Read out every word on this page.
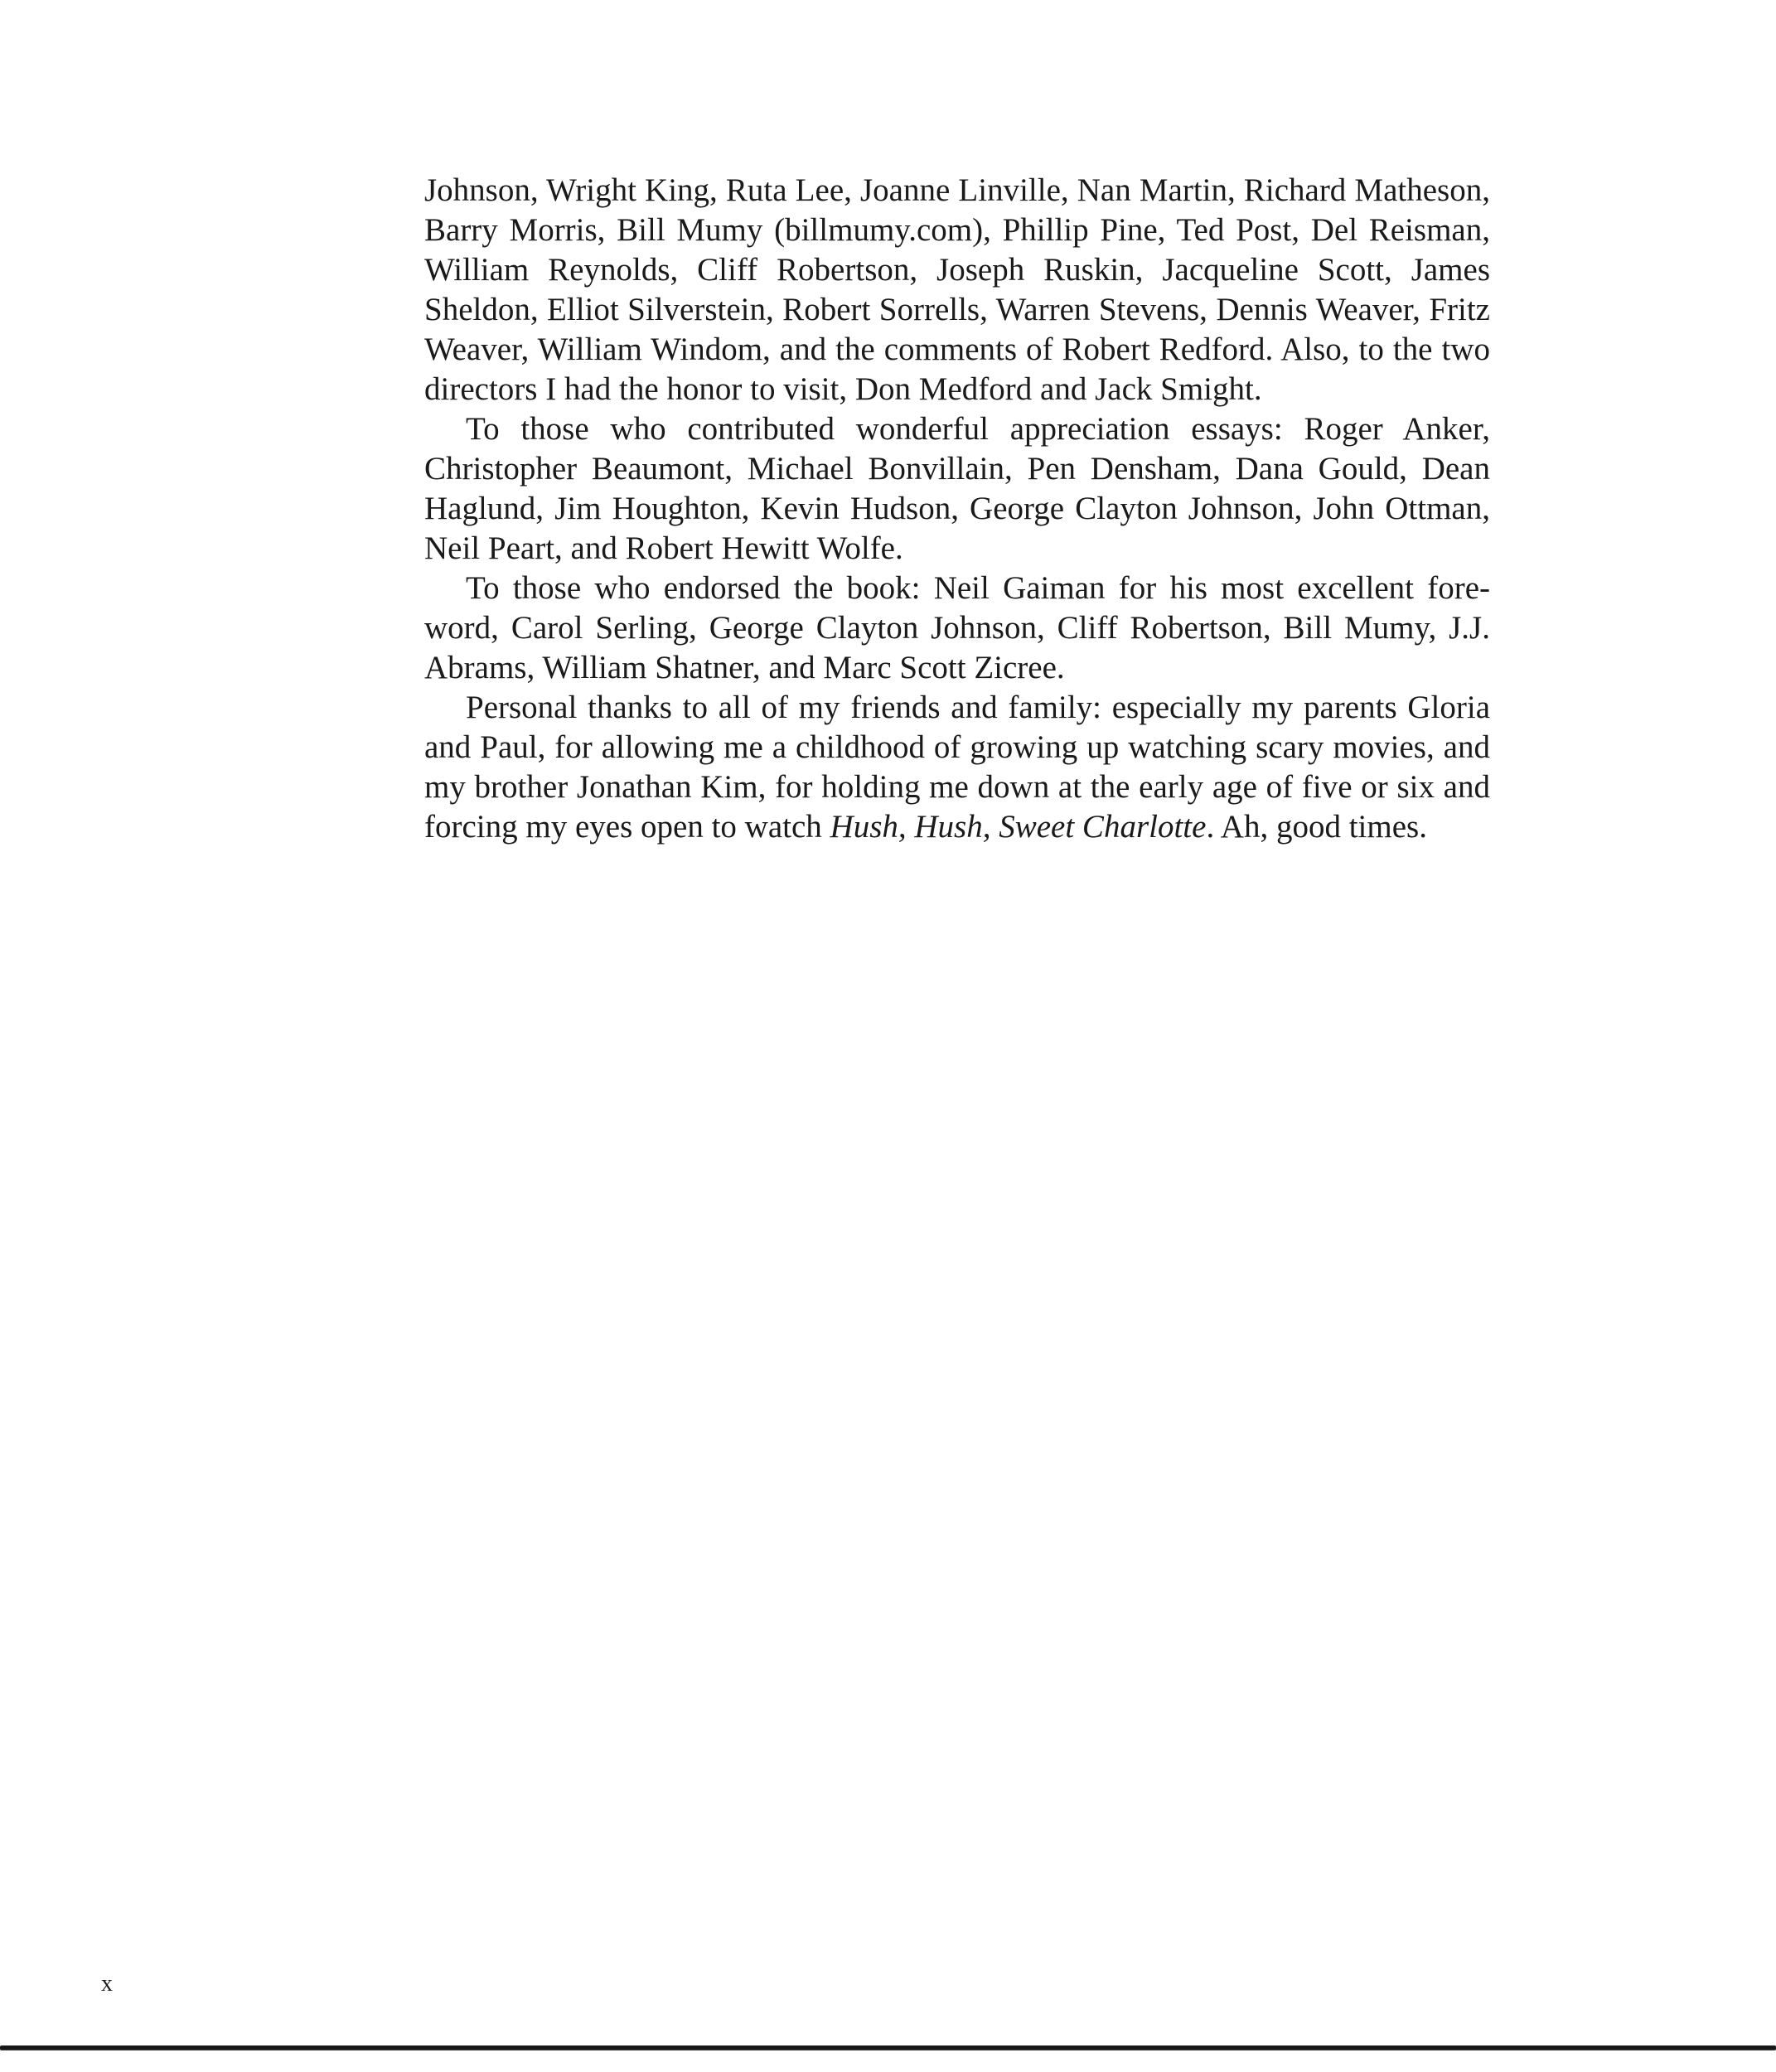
Johnson, Wright King, Ruta Lee, Joanne Linville, Nan Martin, Richard Matheson, Barry Morris, Bill Mumy (billmumy.com), Phillip Pine, Ted Post, Del Reisman, William Reynolds, Cliff Robertson, Joseph Ruskin, Jacqueline Scott, James Sheldon, Elliot Silverstein, Robert Sorrells, Warren Stevens, Dennis Weaver, Fritz Weaver, William Windom, and the comments of Robert Redford. Also, to the two directors I had the honor to visit, Don Medford and Jack Smight.

To those who contributed wonderful appreciation essays: Roger Anker, Christopher Beaumont, Michael Bonvillain, Pen Densham, Dana Gould, Dean Haglund, Jim Houghton, Kevin Hudson, George Clayton Johnson, John Ottman, Neil Peart, and Robert Hewitt Wolfe.

To those who endorsed the book: Neil Gaiman for his most excellent fore-word, Carol Serling, George Clayton Johnson, Cliff Robertson, Bill Mumy, J.J. Abrams, William Shatner, and Marc Scott Zicree.

Personal thanks to all of my friends and family: especially my parents Gloria and Paul, for allowing me a childhood of growing up watching scary movies, and my brother Jonathan Kim, for holding me down at the early age of five or six and forcing my eyes open to watch Hush, Hush, Sweet Charlotte. Ah, good times.

x
